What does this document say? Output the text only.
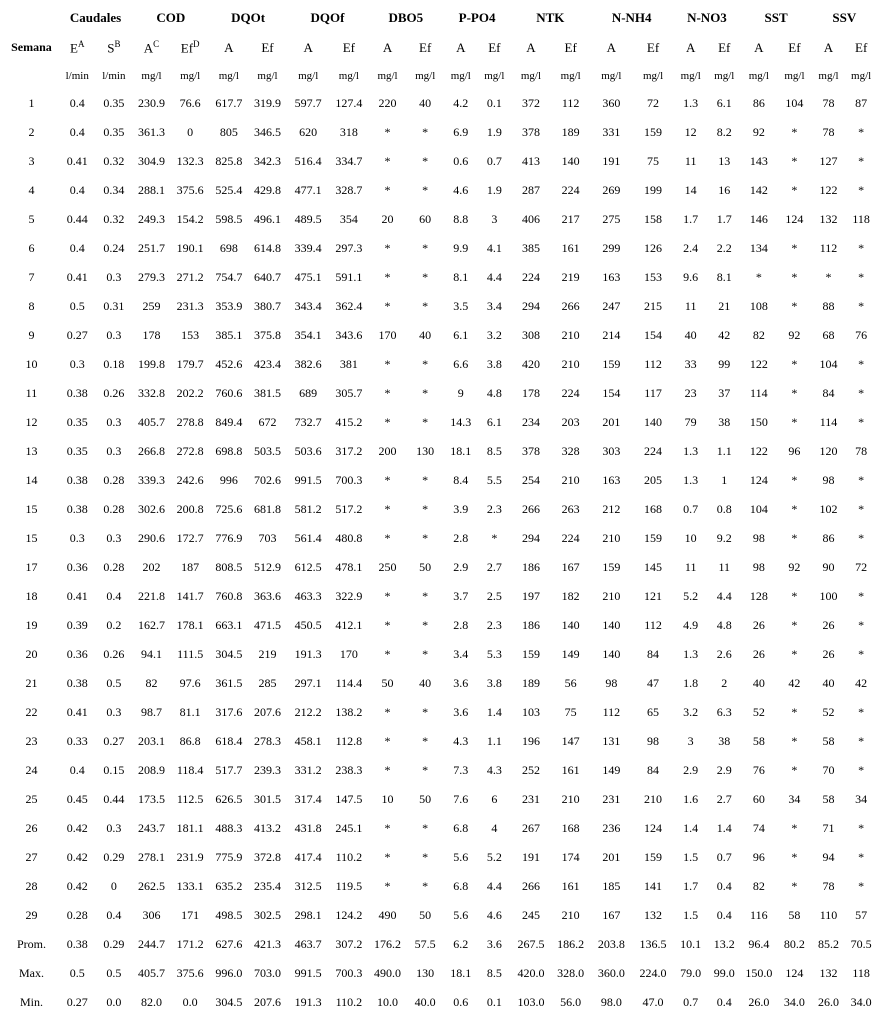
	Caudales		COD		DQOt		DQOf		DBO5		P-PO4		NTK		N-NH4		N-NO3		SST		SSV	
Semana	$E^A$	$S^B$	$A^C$	$Ef^D$	A	Ef	A	Ef	A	Ef	A	Ef	A	Ef	A	Ef	A	Ef	A	Ef	A	Ef
	l/min	l/min	mg/l	mg/l	mg/l	mg/l	mg/l	mg/l	mg/l	mg/l	mg/l	mg/l	mg/l	mg/l	mg/l	mg/l	mg/l	mg/l	mg/l	mg/l	mg/l	mg/l
1	0.4	0.35	230.9	76.6	617.7	319.9	597.7	127.4	220	40	4.2	0.1	372	112	360	72	1.3	6.1	86	104	78	87
2	0.4	0.35	361.3	0	805	346.5	620	318	*	*	6.9	1.9	378	189	331	159	12	8.2	92	*	78	*
3	0.41	0.32	304.9	132.3	825.8	342.3	516.4	334.7	*	*	0.6	0.7	413	140	191	75	11	13	143	*	127	*
4	0.4	0.34	288.1	375.6	525.4	429.8	477.1	328.7	*	*	4.6	1.9	287	224	269	199	14	16	142	*	122	*
5	0.44	0.32	249.3	154.2	598.5	496.1	489.5	354	20	60	8.8	3	406	217	275	158	1.7	1.7	146	124	132	118
6	0.4	0.24	251.7	190.1	698	614.8	339.4	297.3	*	*	9.9	4.1	385	161	299	126	2.4	2.2	134	*	112	*
7	0.41	0.3	279.3	271.2	754.7	640.7	475.1	591.1	*	*	8.1	4.4	224	219	163	153	9.6	8.1	*	*	*	*
8	0.5	0.31	259	231.3	353.9	380.7	343.4	362.4	*	*	3.5	3.4	294	266	247	215	11	21	108	*	88	*
9	0.27	0.3	178	153	385.1	375.8	354.1	343.6	170	40	6.1	3.2	308	210	214	154	40	42	82	92	68	76
10	0.3	0.18	199.8	179.7	452.6	423.4	382.6	381	*	*	6.6	3.8	420	210	159	112	33	99	122	*	104	*
11	0.38	0.26	332.8	202.2	760.6	381.5	689	305.7	*	*	9	4.8	178	224	154	117	23	37	114	*	84	*
12	0.35	0.3	405.7	278.8	849.4	672	732.7	415.2	*	*	14.3	6.1	234	203	201	140	79	38	150	*	114	*
13	0.35	0.3	266.8	272.8	698.8	503.5	503.6	317.2	200	130	18.1	8.5	378	328	303	224	1.3	1.1	122	96	120	78
14	0.38	0.28	339.3	242.6	996	702.6	991.5	700.3	*	*	8.4	5.5	254	210	163	205	1.3	1	124	*	98	*
15	0.38	0.28	302.6	200.8	725.6	681.8	581.2	517.2	*	*	3.9	2.3	266	263	212	168	0.7	0.8	104	*	102	*
15	0.3	0.3	290.6	172.7	776.9	703	561.4	480.8	*	*	2.8	*	294	224	210	159	10	9.2	98	*	86	*
17	0.36	0.28	202	187	808.5	512.9	612.5	478.1	250	50	2.9	2.7	186	167	159	145	11	11	98	92	90	72
18	0.41	0.4	221.8	141.7	760.8	363.6	463.3	322.9	*	*	3.7	2.5	197	182	210	121	5.2	4.4	128	*	100	*
19	0.39	0.2	162.7	178.1	663.1	471.5	450.5	412.1	*	*	2.8	2.3	186	140	140	112	4.9	4.8	26	*	26	*
20	0.36	0.26	94.1	111.5	304.5	219	191.3	170	*	*	3.4	5.3	159	149	140	84	1.3	2.6	26	*	26	*
21	0.38	0.5	82	97.6	361.5	285	297.1	114.4	50	40	3.6	3.8	189	56	98	47	1.8	2	40	42	40	42
22	0.41	0.3	98.7	81.1	317.6	207.6	212.2	138.2	*	*	3.6	1.4	103	75	112	65	3.2	6.3	52	*	52	*
23	0.33	0.27	203.1	86.8	618.4	278.3	458.1	112.8	*	*	4.3	1.1	196	147	131	98	3	38	58	*	58	*
24	0.4	0.15	208.9	118.4	517.7	239.3	331.2	238.3	*	*	7.3	4.3	252	161	149	84	2.9	2.9	76	*	70	*
25	0.45	0.44	173.5	112.5	626.5	301.5	317.4	147.5	10	50	7.6	6	231	210	231	210	1.6	2.7	60	34	58	34
26	0.42	0.3	243.7	181.1	488.3	413.2	431.8	245.1	*	*	6.8	4	267	168	236	124	1.4	1.4	74	*	71	*
27	0.42	0.29	278.1	231.9	775.9	372.8	417.4	110.2	*	*	5.6	5.2	191	174	201	159	1.5	0.7	96	*	94	*
28	0.42	0	262.5	133.1	635.2	235.4	312.5	119.5	*	*	6.8	4.4	266	161	185	141	1.7	0.4	82	*	78	*
29	0.28	0.4	306	171	498.5	302.5	298.1	124.2	490	50	5.6	4.6	245	210	167	132	1.5	0.4	116	58	110	57
Prom.	0.38	0.29	244.7	171.2	627.6	421.3	463.7	307.2	176.2	57.5	6.2	3.6	267.5	186.2	203.8	136.5	10.1	13.2	96.4	80.2	85.2	70.5
Max.	0.5	0.5	405.7	375.6	996.0	703.0	991.5	700.3	490.0	130	18.1	8.5	420.0	328.0	360.0	224.0	79.0	99.0	150.0	124	132	118
Min.	0.27	0.0	82.0	0.0	304.5	207.6	191.3	110.2	10.0	40.0	0.6	0.1	103.0	56.0	98.0	47.0	0.7	0.4	26.0	34.0	26.0	34.0
